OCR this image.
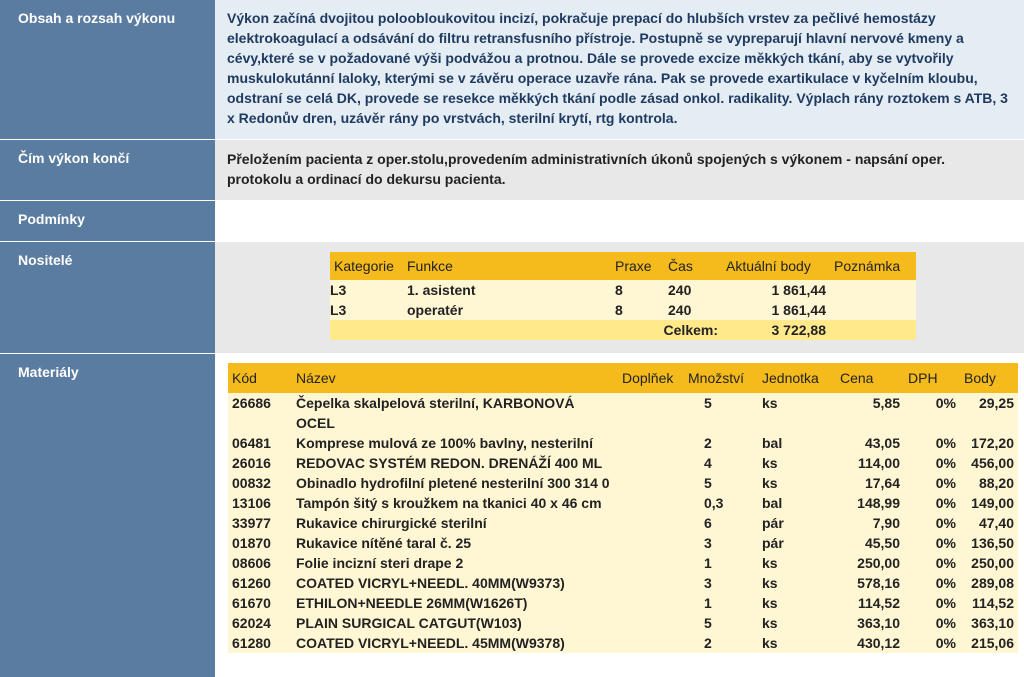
Obsah a rozsah výkonu	Výkon začíná dvojitou poloobloukovitou incizí, pokračuje prepací do hlubších vrstev za pečlivé hemostázy elektrokoagulací a odsávání do filtru retransfusního přístroje. Postupně se vypreparují hlavní nervové kmeny a cévy,které se v požadované výši podvážou a protnou. Dále se provede excize měkkých tkání, aby se vytvořily muskulokutánní laloky, kterými se v závěru operace uzavře rána. Pak se provede exartikulace v kyčelním kloubu, odstraní se celá DK, provede se resekce měkkých tkání podle zásad onkol. radikality. Výplach rány roztokem s ATB, 3 x Redonův dren, uzávěr rány po vrstvách, sterilní krytí, rtg kontrola.
Čím výkon končí	Přeložením pacienta z oper.stolu,provedením administrativních úkonů spojených s výkonem - napsání oper. protokolu a ordinací do dekursu pacienta.
Podmínky
Nositelé	Kategorie	Funkce	Praxe	Čas	Aktuální body	Poznámka
L3	1. asistent	8	240	1 861,44	
L3	operatér	8	240	1 861,44	
Celkem:				3 722,88	
Materiály	Kód	Název	Doplňek	Množství	Jednotka	Cena	DPH	Body
26686	Čepelka skalpelová sterilní, KARBONOVÁ OCEL		5	ks	5,85	0%	29,25
06481	Komprese mulová ze 100% bavlny, nesterilní		2	bal	43,05	0%	172,20
26016	REDOVAC SYSTÉM REDON. DRENÁŽÍ 400 ML		4	ks	114,00	0%	456,00
00832	Obinadlo hydrofilní pletené nesterilní 300 314 0		5	ks	17,64	0%	88,20
13106	Tampón šitý s kroužkem na tkanici 40 x 46 cm		0,3	bal	148,99	0%	149,00
33977	Rukavice chirurgické sterilní		6	pár	7,90	0%	47,40
01870	Rukavice nítěné taral č. 25		3	pár	45,50	0%	136,50
08606	Folie incizní steri drape 2		1	ks	250,00	0%	250,00
61260	COATED VICRYL+NEEDL. 40MM(W9373)		3	ks	578,16	0%	289,08
61670	ETHILON+NEEDLE 26MM(W1626T)		1	ks	114,52	0%	114,52
62024	PLAIN SURGICAL CATGUT(W103)		5	ks	363,10	0%	363,10
61280	COATED VICRYL+NEEDL. 45MM(W9378)		2	ks	430,12	0%	215,06
